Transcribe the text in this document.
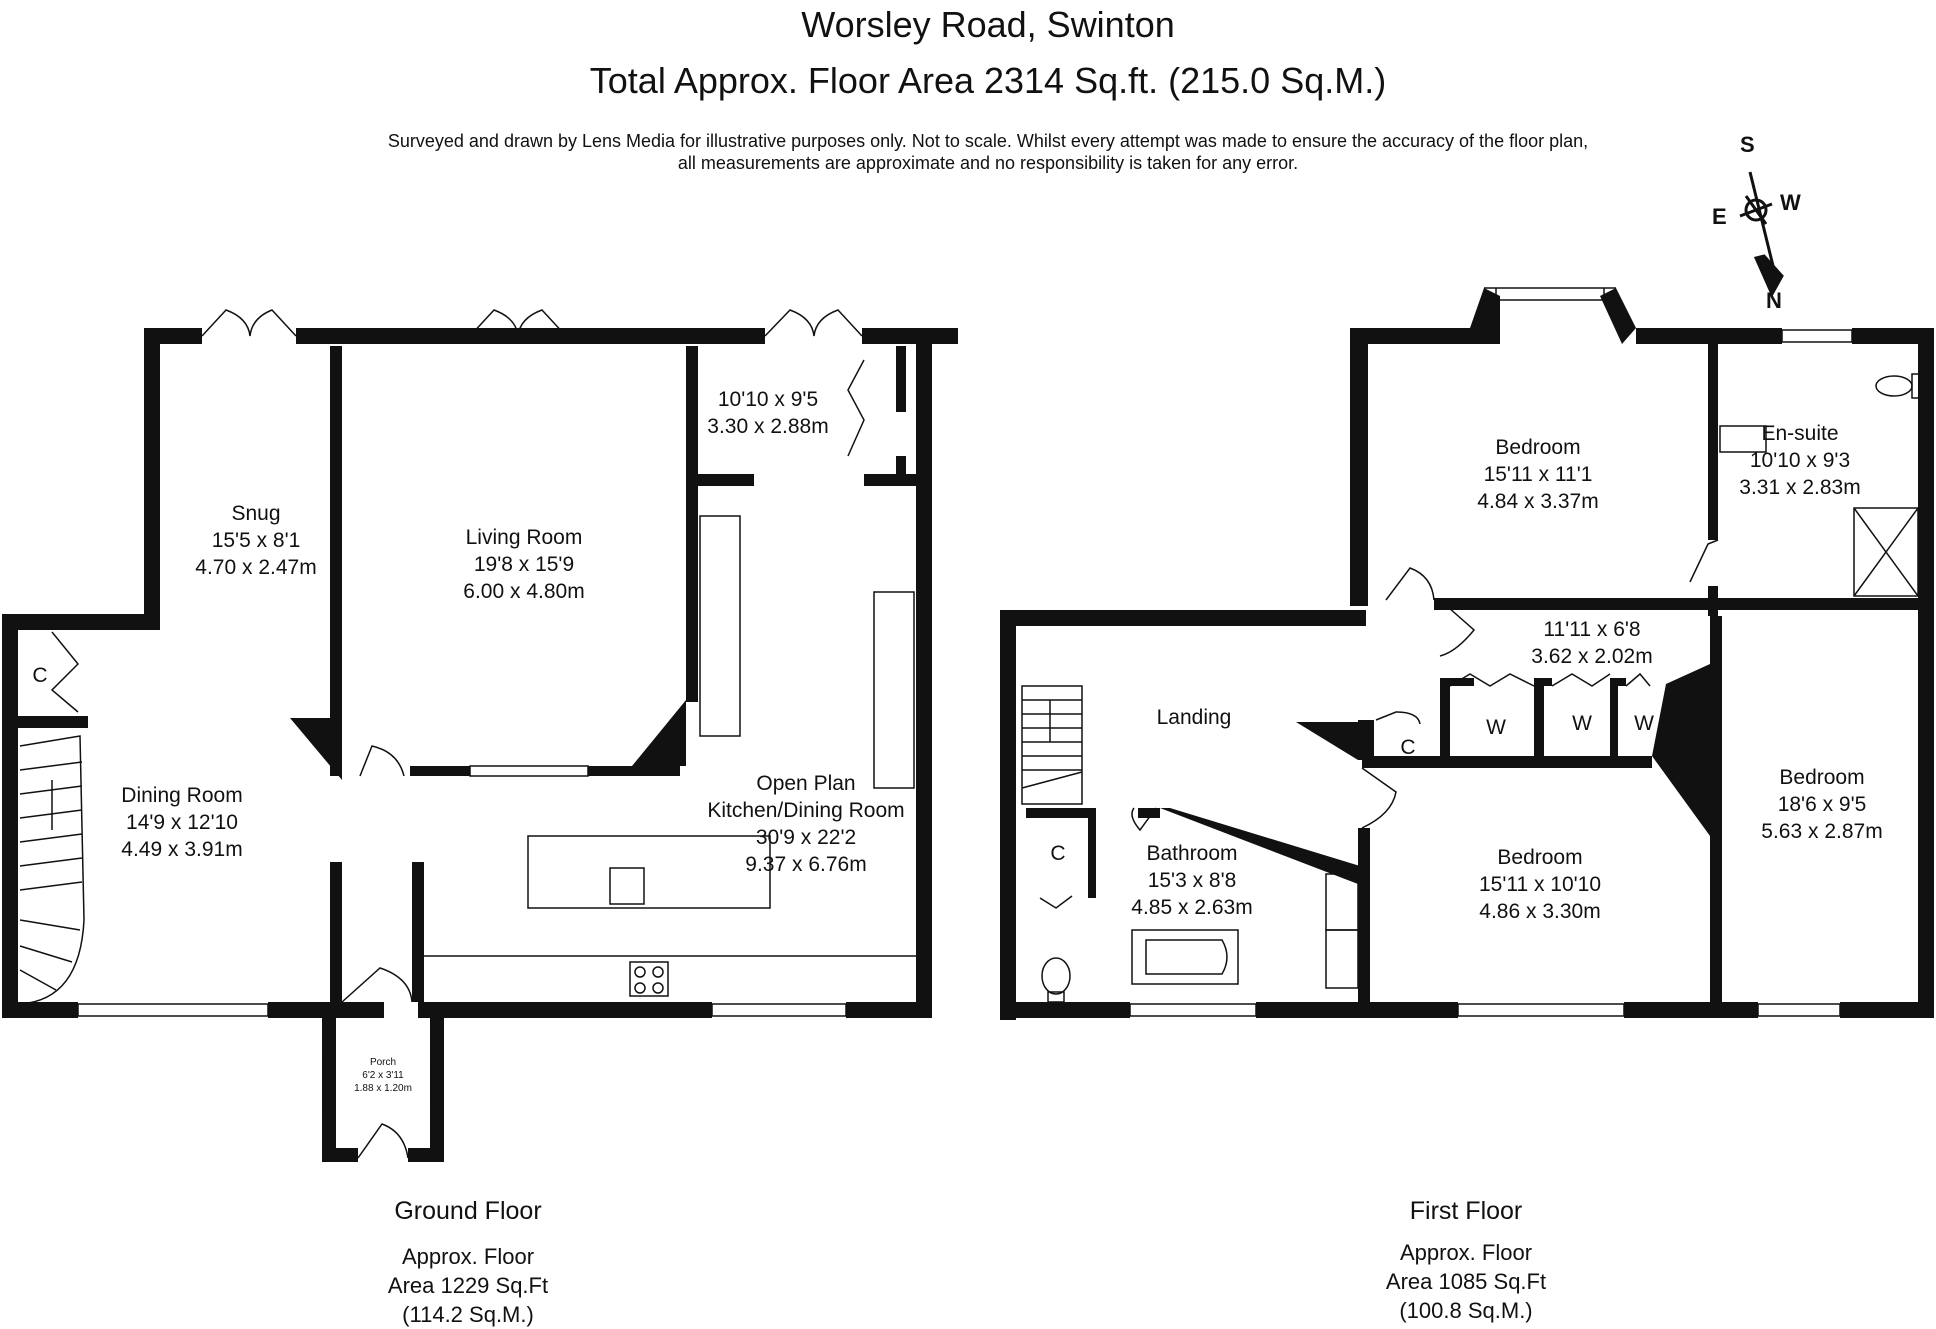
Worsley Road, Swinton
Total Approx. Floor Area 2314 Sq.ft. (215.0 Sq.M.)
Surveyed and drawn by Lens Media for illustrative purposes only. Not to scale. Whilst every attempt was made to ensure the accuracy of the floor plan,
all measurements are approximate and no responsibility is taken for any error.
S
E
W
N
Snug
15'5 x 8'1
4.70 x 2.47m
Living Room
19'8 x 15'9
6.00 x 4.80m
10'10 x 9'5
3.30 x 2.88m
Dining Room
14'9 x 12'10
4.49 x 3.91m
Open Plan
Kitchen/Dining Room
30'9 x 22'2
9.37 x 6.76m
Porch
6'2 x 3'11
1.88 x 1.20m
C
Ground Floor
Approx. Floor
Area 1229 Sq.Ft
(114.2 Sq.M.)
Bedroom
15'11 x 11'1
4.84 x 3.37m
En-suite
10'10 x 9'3
3.31 x 2.83m
Landing
11'11 x 6'8
3.62 x 2.02m
Bathroom
15'3 x 8'8
4.85 x 2.63m
Bedroom
15'11 x 10'10
4.86 x 3.30m
Bedroom
18'6 x 9'5
5.63 x 2.87m
C
C
W	W W
W
First Floor
Approx. Floor
Area 1085 Sq.Ft
(100.8 Sq.M.)
